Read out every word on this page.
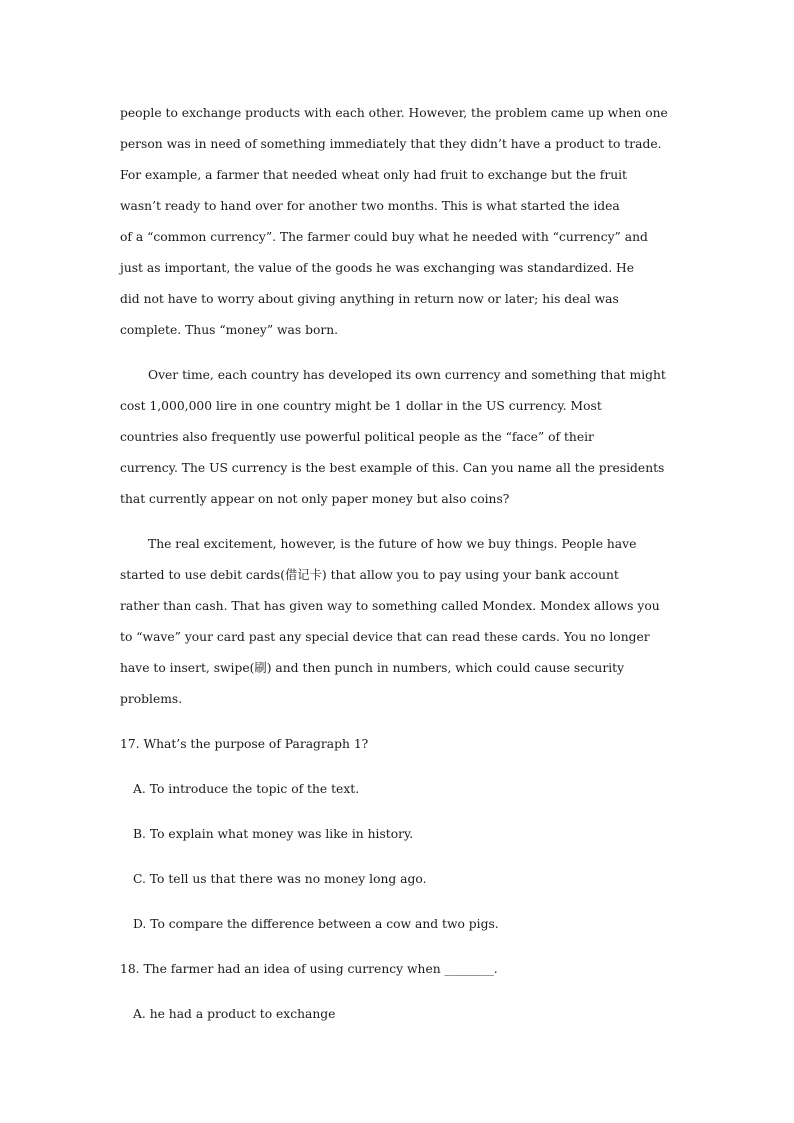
people to exchange products with each other. However, the problem came up when one
person was in need of something immediately that they didn’t have a product to trade.
For example, a farmer that needed wheat only had fruit to exchange but the fruit
wasn’t ready to hand over for another two months. This is what started the idea
of a “common currency”. The farmer could buy what he needed with “currency” and
just as important, the value of the goods he was exchanging was standardized. He
did not have to worry about giving anything in return now or later; his deal was
complete. Thus “money” was born.
Over time, each country has developed its own currency and something that might
cost 1,000,000 lire in one country might be 1 dollar in the US currency. Most
countries also frequently use powerful political people as the “face” of their
currency. The US currency is the best example of this. Can you name all the presidents
that currently appear on not only paper money but also coins?
The real excitement, however, is the future of how we buy things. People have
started to use debit cards(借记卡) that allow you to pay using your bank account
rather than cash. That has given way to something called Mondex. Mondex allows you
to “wave” your card past any special device that can read these cards. You no longer
have to insert, swipe(刷) and then punch in numbers, which could cause security
problems.
17. What’s the purpose of Paragraph 1?
A. To introduce the topic of the text.
B. To explain what money was like in history.
C. To tell us that there was no money long ago.
D. To compare the difference between a cow and two pigs.
18. The farmer had an idea of using currency when ________.
A. he had a product to exchange
